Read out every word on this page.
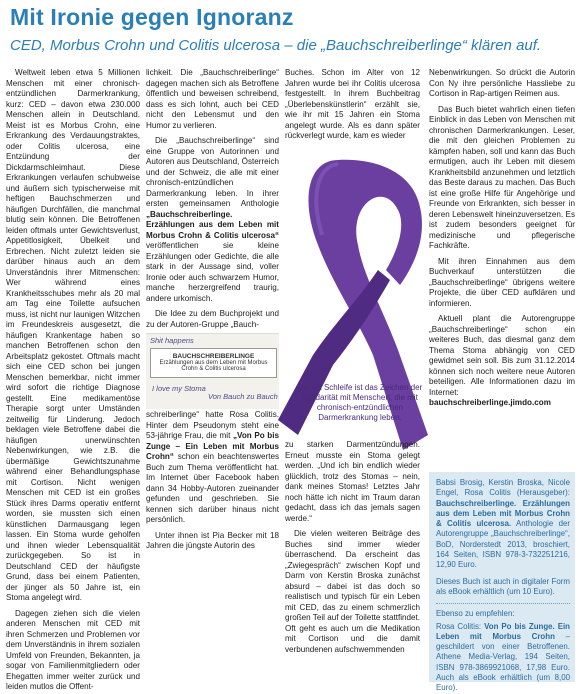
Mit Ironie gegen Ignoranz
CED, Morbus Crohn und Colitis ulcerosa – die „Bauchschreiberlinge“ klären auf.

Weltweit leben etwa 5 Millionen Menschen mit einer chronisch-entzündlichen Darmerkrankung, kurz: CED – davon etwa 230.000 Menschen allein in Deutschland. Meist ist es Morbus Crohn, eine Erkrankung des Verdauungstraktes, oder Colitis ulcerosa, eine Entzündung der Dickdarmschleimhaut. Diese Erkrankungen verlaufen schubweise und äußern sich typischerweise mit heftigen Bauchschmerzen und häufigen Durchfällen, die manchmal blutig sein können. Die Betroffenen leiden oftmals unter Gewichtsverlust, Appetitlosigkeit, Übelkeit und Erbrechen. Nicht zuletzt leiden sie darüber hinaus auch an dem Unverständnis ihrer Mitmenschen: Wer während eines Krankheitsschubes mehr als 20 mal am Tag eine Toilette aufsuchen muss, ist nicht nur launigen Witzchen im Freundeskreis ausgesetzt, die häufigen Krankentage haben so manchen Betroffenen schon den Arbeitsplatz gekostet. Oftmals macht sich eine CED schon bei jungen Menschen bemerkbar, nicht immer wird sofort die richtige Diagnose gestellt. Eine medikamentöse Therapie sorgt unter Umständen zeitweilig für Linderung. Jedoch beklagen viele Betroffene dabei die häufigen unerwünschten Nebenwirkungen, wie z.B. die übermäßige Gewichtszunahme während einer Behandlungsphase mit Cortison. Nicht wenigen Menschen mit CED ist ein großes Stück ihres Darms operativ entfernt worden, sie mussten sich einen künstlichen Darmausgang legen lassen. Ein Stoma wurde geholfen und ihnen wieder Lebensqualität zurückgegeben. So ist in Deutschland CED der häufigste Grund, dass bei einem Patienten, der jünger als 50 Jahre ist, ein Stoma angelegt wird.

Dagegen ziehen sich die vielen anderen Menschen mit CED mit ihren Schmerzen und Problemen vor dem Unverständnis in ihrem sozialen Umfeld von Freunden, Bekannten, ja sogar von Familienmitgliedern oder Ehegatten immer weiter zurück und leiden mutlos die Offent-

lichkeit. Die „Bauchschreiberlinge“ dagegen machen sich als Betroffene öffentlich und beweisen schreibend, dass es sich lohnt, auch bei CED nicht den Lebensmut und den Humor zu verlieren.

Die „Bauchschreiberlinge“ sind eine Gruppe von Autorinnen und Autoren aus Deutschland, Österreich und der Schweiz, die alle mit einer chronisch-entzündlichen Darmerkrankung leben. In ihrer ersten gemeinsamen Anthologie „Bauchschreiberlinge. Erzählungen aus dem Leben mit Morbus Crohn & Colitis ulcerosa“ veröffentlichen sie kleine Erzählungen oder Gedichte, die alle stark in der Aussage sind, voller Ironie oder auch schwarzem Humor, manche herzergreifend traurig, andere urkomisch.

Die Idee zu dem Buchprojekt und zu der Autoren-Gruppe „Bauch-

Shit happens
BAUCHSCHREIBERLINGE
Erzählungen aus dem Leben mit Morbus Crohn & Colitis ulcerosa
I love my Stoma
Von Bauch zu Bauch

schreiberlinge“ hatte Rosa Colitis. Hinter dem Pseudonym steht eine 53-jährige Frau, die mit „Von Po bis Zunge – Ein Leben mit Morbus Crohn“ schon ein beachtenswertes Buch zum Thema veröffentlicht hat. Im Internet über Facebook haben dann 34 Hobby-Autoren zueinander gefunden und geschrieben. Sie kennen sich darüber hinaus nicht persönlich.

Unter ihnen ist Pia Becker mit 18 Jahren die jüngste Autorin des

Buches. Schon im Alter von 12 Jahren wurde bei ihr Colitis ulcerosa festgestellt. In ihrem Buchbeitrag „Überlebenskünstlerin“ erzählt sie, wie ihr mit 15 Jahren ein Stoma angelegt wurde. Als es dann später rückverlegt wurde, kam es wieder

Die lila Schleife ist das Zeichen der Solidarität mit Menschen, die mit chronisch-entzündlichen Darmerkrankung leben.

zu starken Darmentzündungen. Erneut musste ein Stoma gelegt werden. „Und ich bin endlich wieder glücklich, trotz des Stomas – nein, dank meines Stomas! Letztes Jahr noch hätte ich nicht im Traum daran gedacht, dass ich das jemals sagen werde.“

Die vielen weiteren Beiträge des Buches sind immer wieder überraschend. Da erscheint das „Zwiegespräch“ zwischen Kopf und Darm von Kerstin Broska zunächst absurd – dabei ist das doch so realistisch und typisch für ein Leben mit CED, das zu einem schmerzlich großen Teil auf der Toilette stattfindet. Oft geht es auch um die Medikation mit Cortison und die damit verbundenen aufschwemmenden

Nebenwirkungen. So drückt die Autorin Con Ny ihre persönliche Hassliebe zu Cortison in Rap-artigen Reimen aus.

Das Buch bietet wahrlich einen tiefen Einblick in das Leben von Menschen mit chronischen Darmerkrankungen. Leser, die mit den gleichen Problemen zu kämpfen haben, soll und kann das Buch ermutigen, auch ihr Leben mit diesem Krankheitsbild anzunehmen und letztlich das Beste daraus zu machen. Das Buch ist eine große Hilfe für Angehörige und Freunde von Erkrankten, sich besser in deren Lebenswelt hineinzuversetzen. Es ist zudem besonders geeignet für medizinische und pflegerische Fachkräfte.

Mit ihren Einnahmen aus dem Buchverkauf unterstützen die „Bauchschreiberlinge“ übrigens weitere Projekte, die über CED aufklären und informieren.

Aktuell plant die Autorengruppe „Bauchschreiberlinge“ schon ein weiteres Buch, das diesmal ganz dem Thema Stoma abhängig von CED gewidmet sein soll. Bis zum 31.12.2014 können sich noch weitere neue Autoren beteiligen. Alle Informationen dazu im Internet: bauchschreiberlinge.jimdo.com

Babsi Brosig, Kerstin Broska, Nicole Engel, Rosa Colitis (Herausgeber): Bauchschreiberlinge. Erzählungen aus dem Leben mit Morbus Crohn & Colitis ulcerosa. Anthologie der Autorengruppe „Bauchschreiberlinge“, BoD, Norderstedt 2013, broschiert, 164 Seiten, ISBN 978-3-732251216, 12,90 Euro.

Dieses Buch ist auch in digitaler Form als eBook erhältlich (um 10 Euro).

Ebenso zu empfehlen:

Rosa Colitis: Von Po bis Zunge. Ein Leben mit Morbus Crohn – geschildert von einer Betroffenen. Athene Media-Verlag, 194 Seiten, ISBN 978-3869921068, 17,98 Euro. Auch als eBook erhältlich (um 8,00 Euro).
